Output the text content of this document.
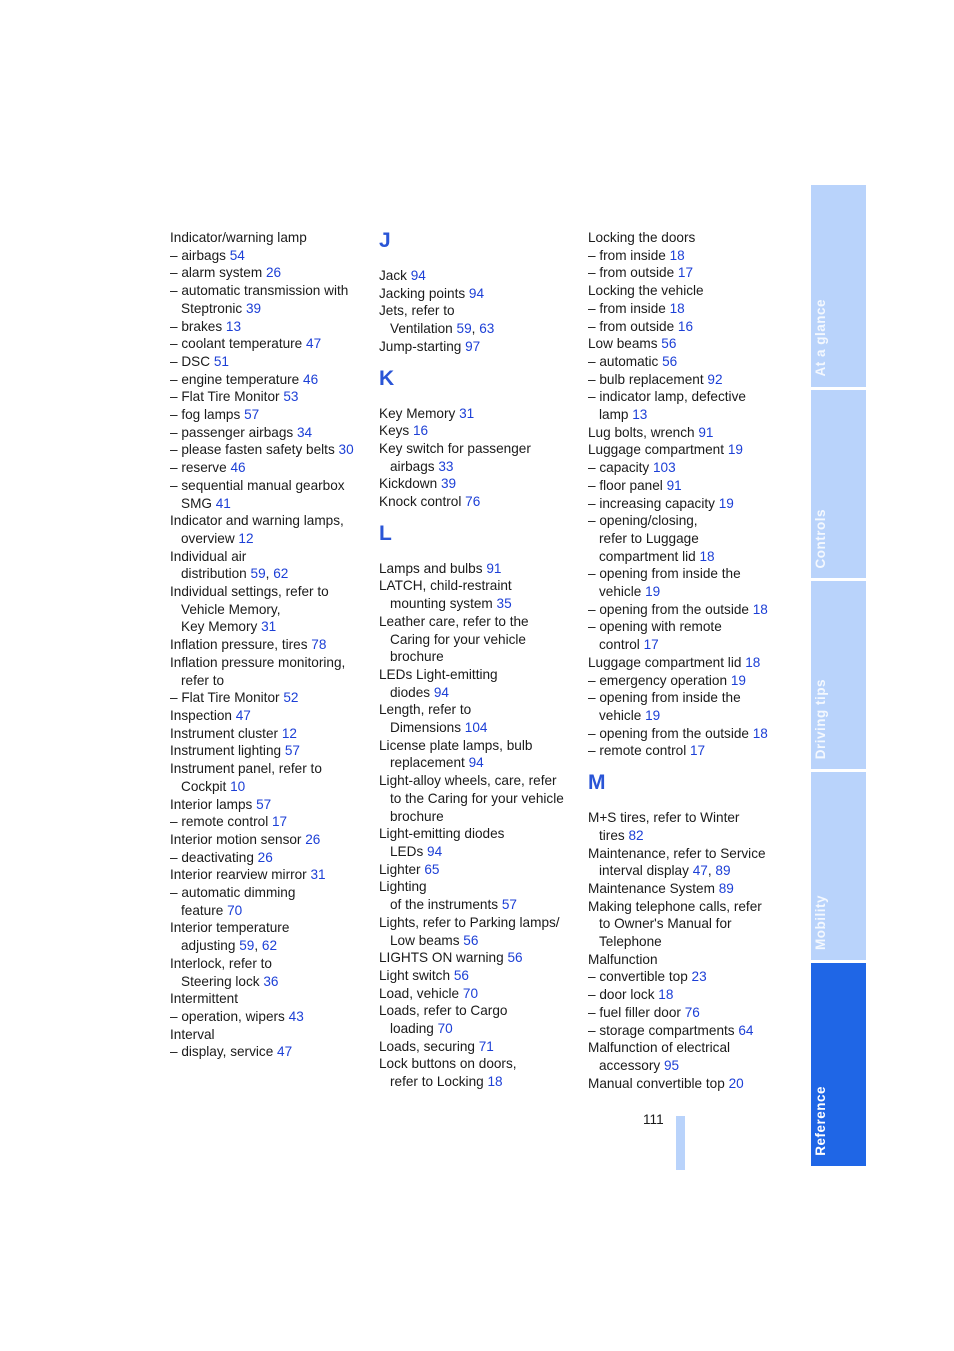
Indicator/warning lamp
– airbags 54
– alarm system 26
– automatic transmission with
Steptronic 39
– brakes 13
– coolant temperature 47
– DSC 51
– engine temperature 46
– Flat Tire Monitor 53
– fog lamps 57
– passenger airbags 34
– please fasten safety belts 30
– reserve 46
– sequential manual gearbox
SMG 41
Indicator and warning lamps,
overview 12
Individual air
distribution 59, 62
Individual settings, refer to
Vehicle Memory,
Key Memory 31
Inflation pressure, tires 78
Inflation pressure monitoring,
refer to
– Flat Tire Monitor 52
Inspection 47
Instrument cluster 12
Instrument lighting 57
Instrument panel, refer to
Cockpit 10
Interior lamps 57
– remote control 17
Interior motion sensor 26
– deactivating 26
Interior rearview mirror 31
– automatic dimming
feature 70
Interior temperature
adjusting 59, 62
Interlock, refer to
Steering lock 36
Intermittent
– operation, wipers 43
Interval
– display, service 47
J
Jack 94
Jacking points 94
Jets, refer to
Ventilation 59, 63
Jump-starting 97
K
Key Memory 31
Keys 16
Key switch for passenger
airbags 33
Kickdown 39
Knock control 76
L
Lamps and bulbs 91
LATCH, child-restraint
mounting system 35
Leather care, refer to the
Caring for your vehicle
brochure
LEDs Light-emitting
diodes 94
Length, refer to
Dimensions 104
License plate lamps, bulb
replacement 94
Light-alloy wheels, care, refer
to the Caring for your vehicle
brochure
Light-emitting diodes
LEDs 94
Lighter 65
Lighting
of the instruments 57
Lights, refer to Parking lamps/
Low beams 56
LIGHTS ON warning 56
Light switch 56
Load, vehicle 70
Loads, refer to Cargo
loading 70
Loads, securing 71
Lock buttons on doors,
refer to Locking 18
Locking the doors
– from inside 18
– from outside 17
Locking the vehicle
– from inside 18
– from outside 16
Low beams 56
– automatic 56
– bulb replacement 92
– indicator lamp, defective
lamp 13
Lug bolts, wrench 91
Luggage compartment 19
– capacity 103
– floor panel 91
– increasing capacity 19
– opening/closing,
refer to Luggage
compartment lid 18
– opening from inside the
vehicle 19
– opening from the outside 18
– opening with remote
control 17
Luggage compartment lid 18
– emergency operation 19
– opening from inside the
vehicle 19
– opening from the outside 18
– remote control 17
M
M+S tires, refer to Winter
tires 82
Maintenance, refer to Service
interval display 47, 89
Maintenance System 89
Making telephone calls, refer
to Owner's Manual for
Telephone
Malfunction
– convertible top 23
– door lock 18
– fuel filler door 76
– storage compartments 64
Malfunction of electrical
accessory 95
Manual convertible top 20
At a glance
Controls
Driving tips
Mobility
Reference
111
